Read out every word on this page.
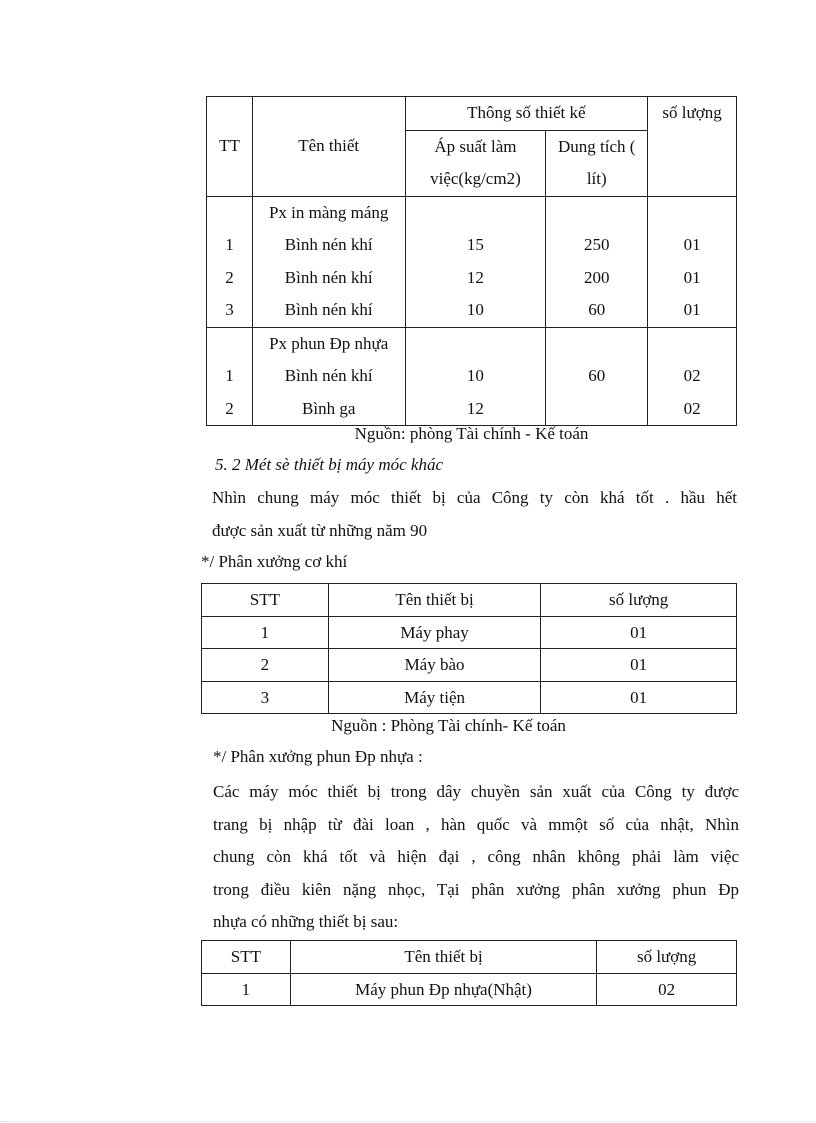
TT	Tên thiết	Thông số thiết kế		số lượng
		Áp suất làm việc(kg/cm2)	Dung tích ( lít)	
	Px in màng máng			
1	Bình nén khí	15	250	01
2	Bình nén khí	12	200	01
3	Bình nén khí	10	60	01
	Px phun Đp nhựa			
1	Bình nén khí	10	60	02
2	Bình ga	12		02
Nguồn: phòng Tài chính - Kế toán
5. 2 Mét sè thiết bị máy móc khác
Nhìn chung máy móc thiết bị của Công ty còn khá tốt . hầu hết
được sản xuất từ những năm 90
*/ Phân xưởng cơ khí
STT	Tên thiết bị	số lượng
1	Máy phay	01
2	Máy bào	01
3	Máy tiện	01
Nguồn : Phòng Tài chính- Kế toán
*/ Phân xưởng phun Đp nhựa :
Các máy móc thiết bị trong dây chuyền sản xuất của Công ty được
trang bị nhập từ đài loan , hàn quốc và mmột số của nhật, Nhìn
chung còn khá tốt và hiện đại , công nhân không phải làm việc
trong điều kiên nặng nhọc, Tại phân xưởng phân xưởng phun Đp
nhựa có những thiết bị sau:
STT	Tên thiết bị	số lượng
1	Máy phun Đp nhựa(Nhật)	02
